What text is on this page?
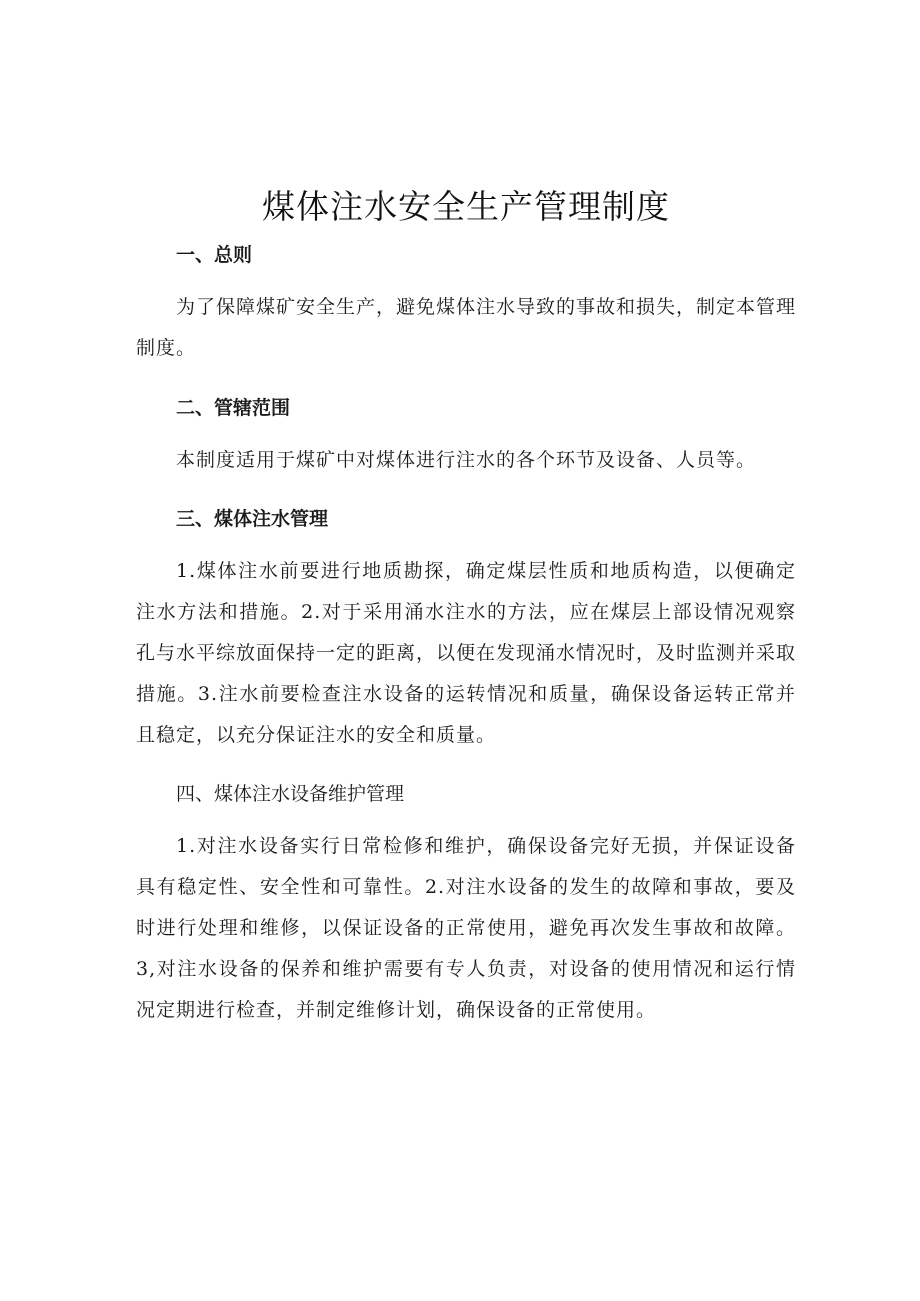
煤体注水安全生产管理制度
一、总则

为了保障煤矿安全生产，避免煤体注水导致的事故和损失，制定本管理制度。

二、管辖范围

本制度适用于煤矿中对煤体进行注水的各个环节及设备、人员等。

三、煤体注水管理

1.煤体注水前要进行地质勘探，确定煤层性质和地质构造，以便确定注水方法和措施。2.对于采用涌水注水的方法，应在煤层上部设情况观察孔与水平综放面保持一定的距离，以便在发现涌水情况时，及时监测并采取措施。3.注水前要检查注水设备的运转情况和质量，确保设备运转正常并且稳定，以充分保证注水的安全和质量。

四、煤体注水设备维护管理

1.对注水设备实行日常检修和维护，确保设备完好无损，并保证设备具有稳定性、安全性和可靠性。2.对注水设备的发生的故障和事故，要及时进行处理和维修，以保证设备的正常使用，避免再次发生事故和故障。3,对注水设备的保养和维护需要有专人负责，对设备的使用情况和运行情况定期进行检查，并制定维修计划，确保设备的正常使用。
